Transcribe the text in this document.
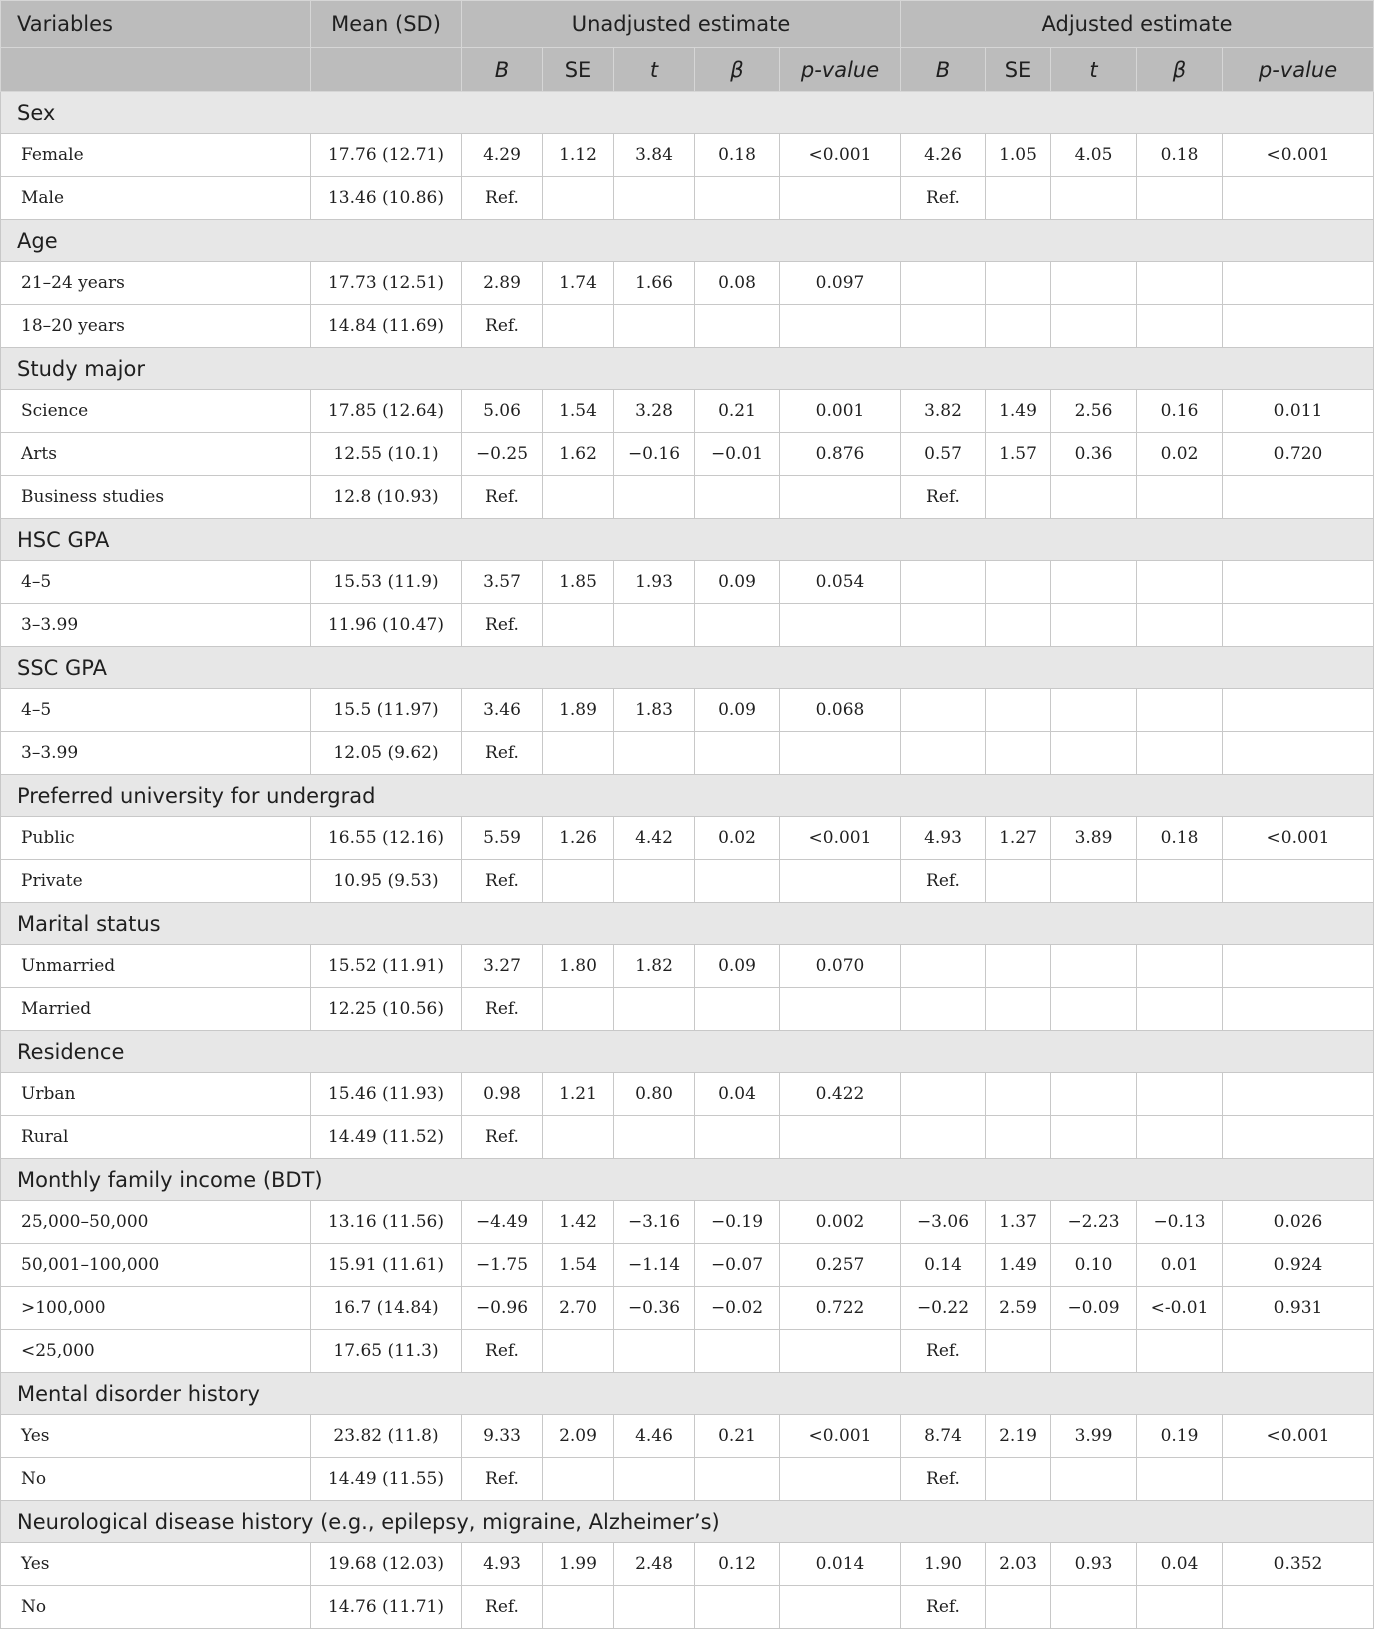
Variables	Mean (SD)	Unadjusted estimate					Adjusted estimate				
		B	SE	t	β	p-value	B	SE	t	β	p-value
Sex											
Female	17.76 (12.71)	4.29	1.12	3.84	0.18	<0.001	4.26	1.05	4.05	0.18	<0.001
Male	13.46 (10.86)	Ref.					Ref.				
Age											
21–24 years	17.73 (12.51)	2.89	1.74	1.66	0.08	0.097					
18–20 years	14.84 (11.69)	Ref.									
Study major											
Science	17.85 (12.64)	5.06	1.54	3.28	0.21	0.001	3.82	1.49	2.56	0.16	0.011
Arts	12.55 (10.1)	−0.25	1.62	−0.16	−0.01	0.876	0.57	1.57	0.36	0.02	0.720
Business studies	12.8 (10.93)	Ref.					Ref.				
HSC GPA											
4–5	15.53 (11.9)	3.57	1.85	1.93	0.09	0.054					
3–3.99	11.96 (10.47)	Ref.									
SSC GPA											
4–5	15.5 (11.97)	3.46	1.89	1.83	0.09	0.068					
3–3.99	12.05 (9.62)	Ref.									
Preferred university for undergrad											
Public	16.55 (12.16)	5.59	1.26	4.42	0.02	<0.001	4.93	1.27	3.89	0.18	<0.001
Private	10.95 (9.53)	Ref.					Ref.				
Marital status											
Unmarried	15.52 (11.91)	3.27	1.80	1.82	0.09	0.070					
Married	12.25 (10.56)	Ref.									
Residence											
Urban	15.46 (11.93)	0.98	1.21	0.80	0.04	0.422					
Rural	14.49 (11.52)	Ref.									
Monthly family income (BDT)											
25,000–50,000	13.16 (11.56)	−4.49	1.42	−3.16	−0.19	0.002	−3.06	1.37	−2.23	−0.13	0.026
50,001–100,000	15.91 (11.61)	−1.75	1.54	−1.14	−0.07	0.257	0.14	1.49	0.10	0.01	0.924
>100,000	16.7 (14.84)	−0.96	2.70	−0.36	−0.02	0.722	−0.22	2.59	−0.09	<-0.01	0.931
<25,000	17.65 (11.3)	Ref.					Ref.				
Mental disorder history											
Yes	23.82 (11.8)	9.33	2.09	4.46	0.21	<0.001	8.74	2.19	3.99	0.19	<0.001
No	14.49 (11.55)	Ref.					Ref.				
Neurological disease history (e.g., epilepsy, migraine, Alzheimer’s)											
Yes	19.68 (12.03)	4.93	1.99	2.48	0.12	0.014	1.90	2.03	0.93	0.04	0.352
No	14.76 (11.71)	Ref.					Ref.				
